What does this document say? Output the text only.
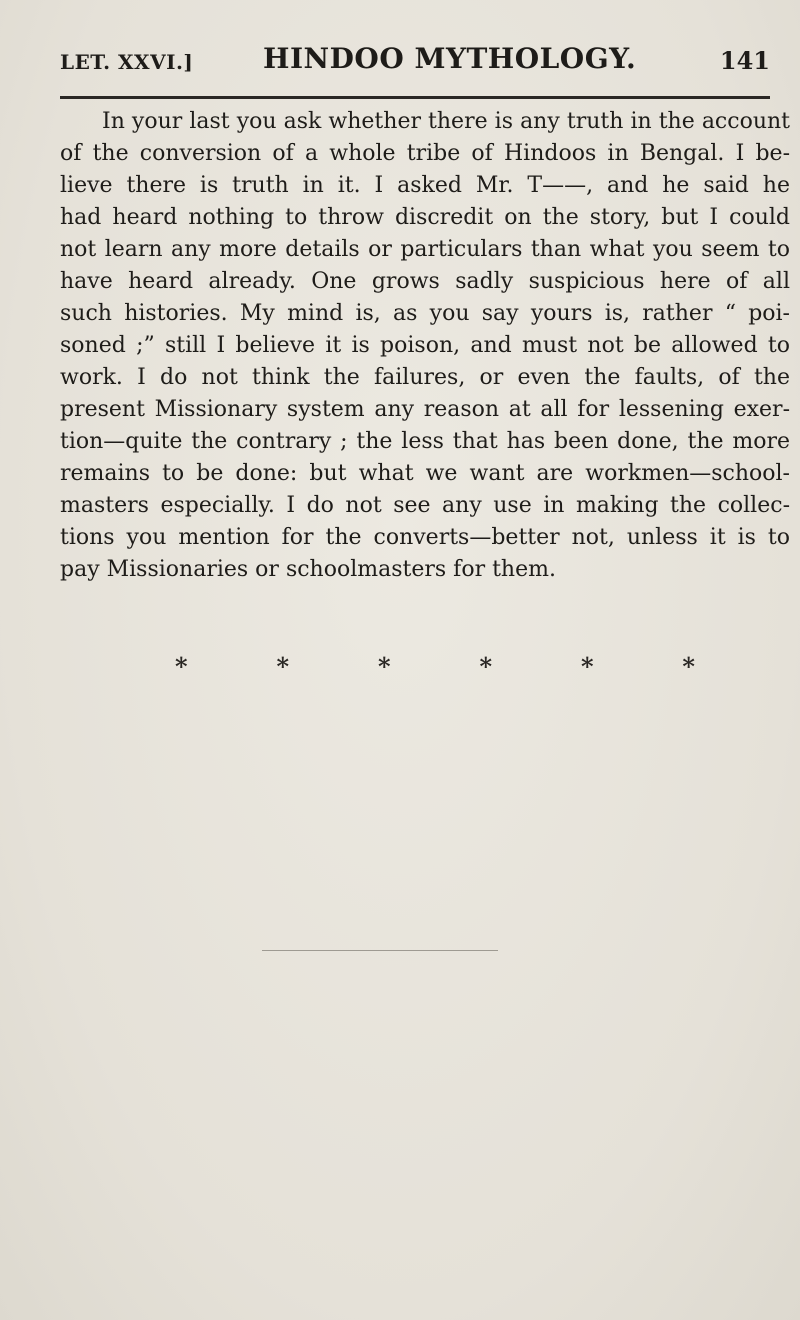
LET. XXVI.] HINDOO MYTHOLOGY.	141
In your last you ask whether there is any truth in the account
of the conversion of a whole tribe of Hindoos in Bengal. I be-
lieve there is truth in it. I asked Mr. T——, and he said he
had heard nothing to throw discredit on the story, but I could
not learn any more details or particulars than what you seem to
have heard already. One grows sadly suspicious here of all
such histories. My mind is, as you say yours is, rather “ poi-
soned ;” still I believe it is poison, and must not be allowed to
work. I do not think the failures, or even the faults, of the
present Missionary system any reason at all for lessening exer-
tion—quite the contrary ; the less that has been done, the more
remains to be done: but what we want are workmen—school-
masters especially. I do not see any use in making the collec-
tions you mention for the converts—better not, unless it is to
pay Missionaries or schoolmasters for them.
*	*	*	*	*	*
